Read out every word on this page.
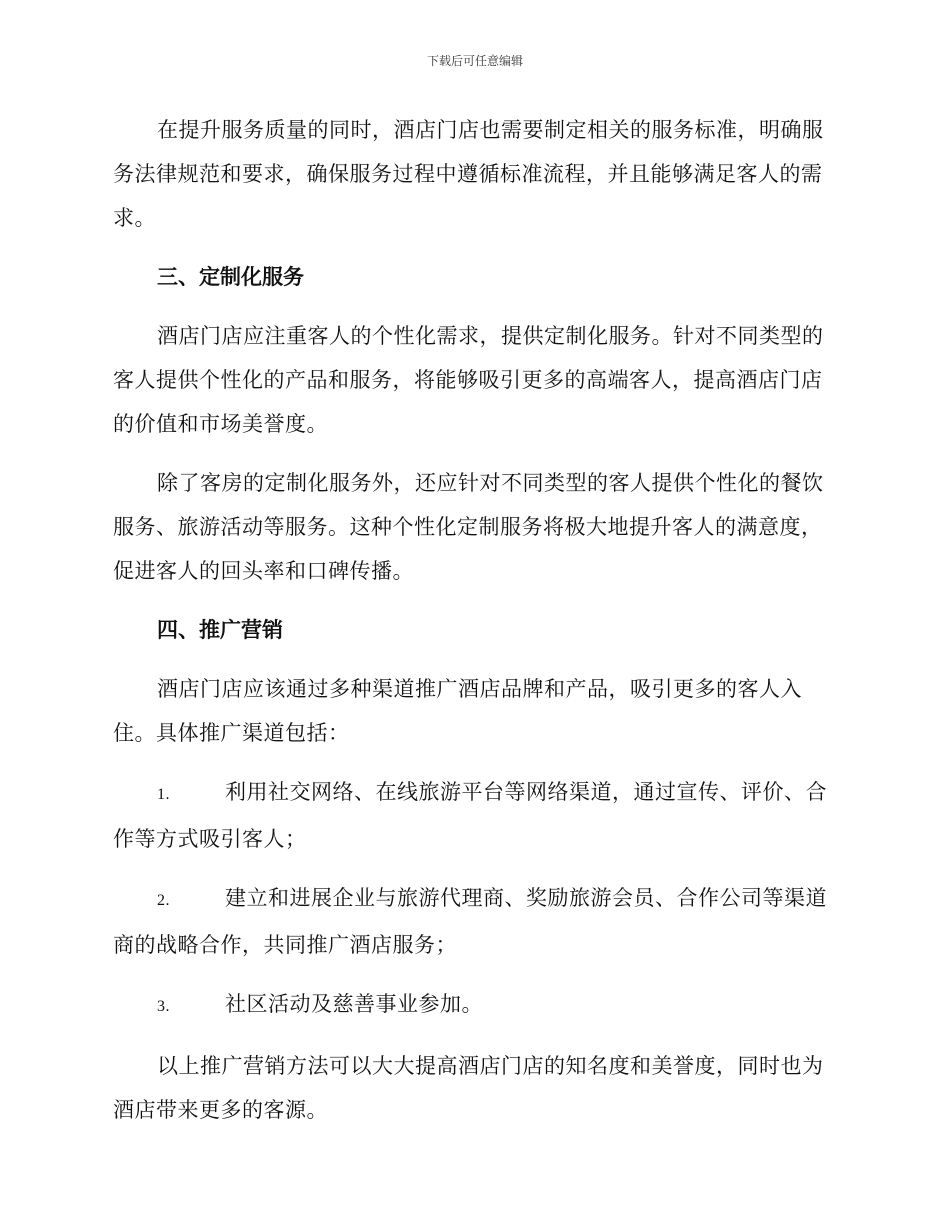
下载后可任意编辑

在提升服务质量的同时，酒店门店也需要制定相关的服务标准，明确服务法律规范和要求，确保服务过程中遵循标准流程，并且能够满足客人的需求。

三、定制化服务

酒店门店应注重客人的个性化需求，提供定制化服务。针对不同类型的客人提供个性化的产品和服务，将能够吸引更多的高端客人，提高酒店门店的价值和市场美誉度。

除了客房的定制化服务外，还应针对不同类型的客人提供个性化的餐饮服务、旅游活动等服务。这种个性化定制服务将极大地提升客人的满意度，促进客人的回头率和口碑传播。

四、推广营销

酒店门店应该通过多种渠道推广酒店品牌和产品，吸引更多的客人入住。具体推广渠道包括：

1.	利用社交网络、在线旅游平台等网络渠道，通过宣传、评价、合作等方式吸引客人；
2.	建立和进展企业与旅游代理商、奖励旅游会员、合作公司等渠道商的战略合作，共同推广酒店服务；
3.	社区活动及慈善事业参加。

以上推广营销方法可以大大提高酒店门店的知名度和美誉度，同时也为酒店带来更多的客源。
